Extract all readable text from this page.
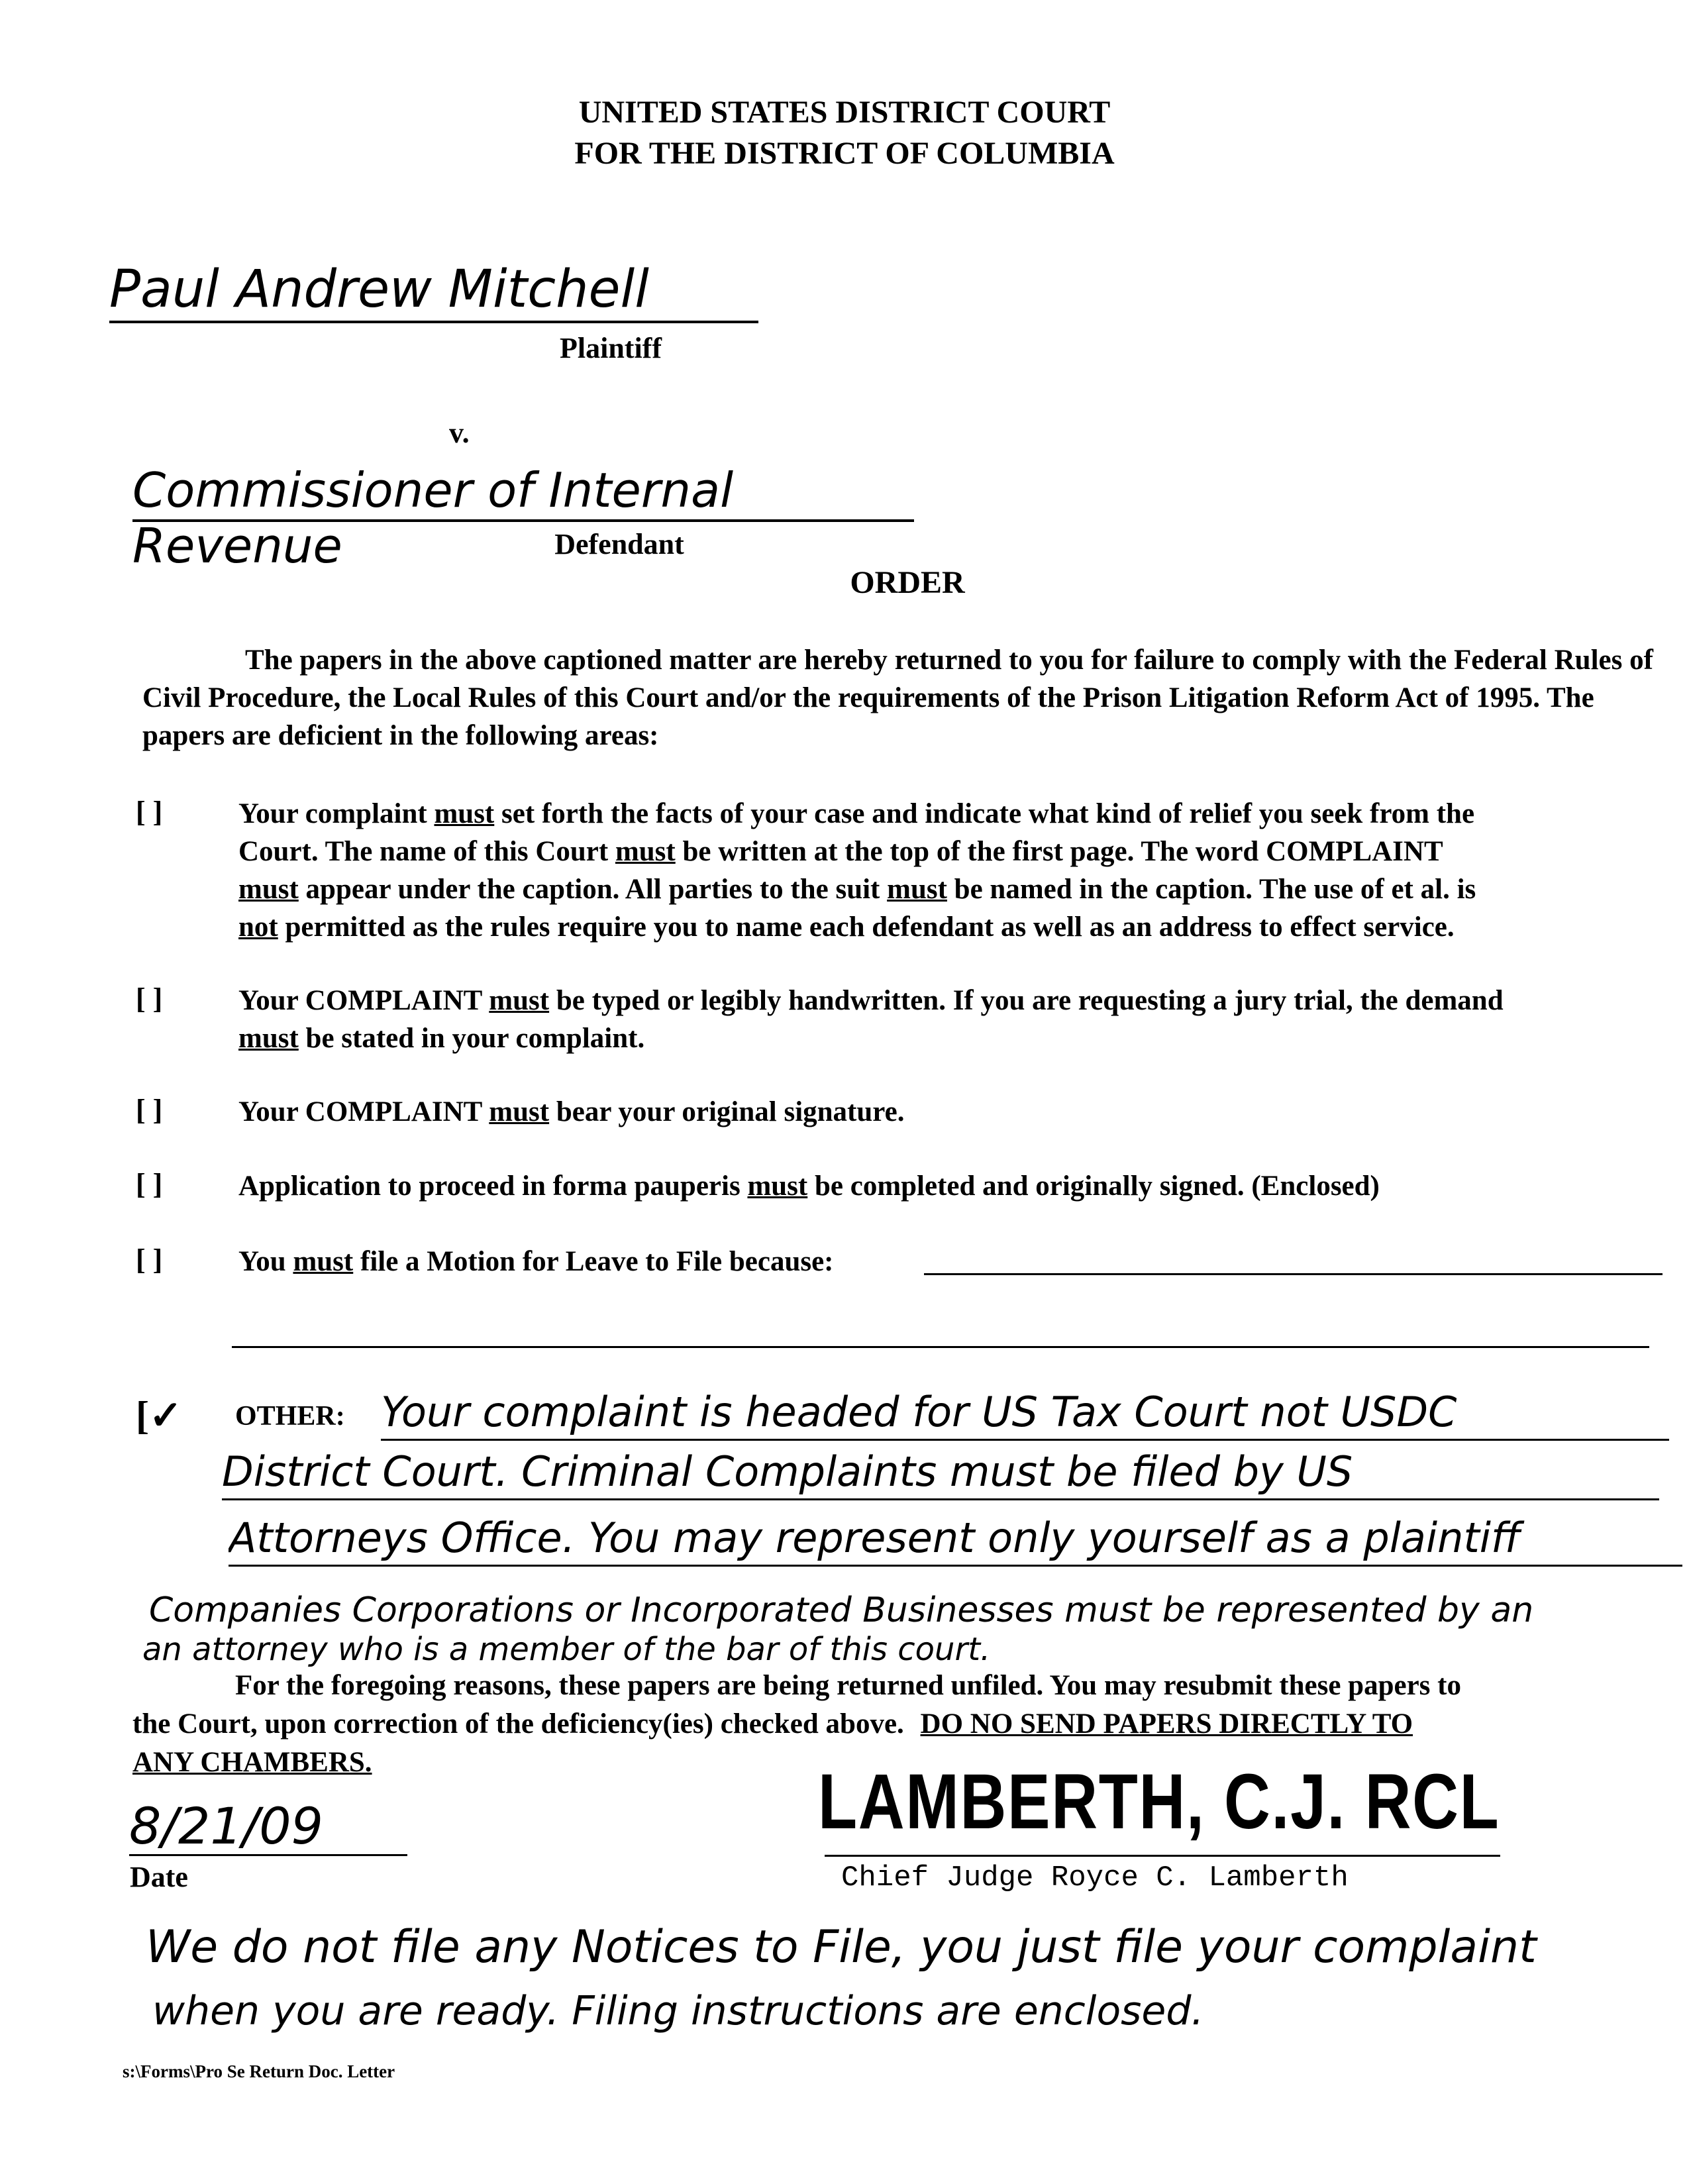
UNITED STATES DISTRICT COURT
FOR THE DISTRICT OF COLUMBIA
Paul Andrew Mitchell
Plaintiff
v.
Commissioner of Internal Revenue	Defendant
ORDER
The papers in the above captioned matter are hereby returned to you for failure to comply with the Federal Rules of Civil Procedure, the Local Rules of this Court and/or the requirements of the Prison Litigation Reform Act of 1995. The papers are deficient in the following areas:
[ ]	Your complaint must set forth the facts of your case and indicate what kind of relief you seek from the
Court. The name of this Court must be written at the top of the first page. The word COMPLAINT
must appear under the caption. All parties to the suit must be named in the caption. The use of et al. is
not permitted as the rules require you to name each defendant as well as an address to effect service.
[ ]	Your COMPLAINT must be typed or legibly handwritten. If you are requesting a jury trial, the demand
must be stated in your complaint.
[ ]	Your COMPLAINT must bear your original signature.
[ ]	Application to proceed in forma pauperis must be completed and originally signed. (Enclosed)
[ ]	You must file a Motion for Leave to File because:
[✓ OTHER: Your complaint is headed for US Tax Court not USDC
District Court. Criminal Complaints must be filed by US
Attorneys Office. You may represent only yourself as a plaintiff
Companies Corporations or Incorporated Businesses must be represented by an
an attorney who is a member of the bar of this court.
For the foregoing reasons, these papers are being returned unfiled. You may resubmit these papers to
the Court, upon correction of the deficiency(ies) checked above. DO NO SEND PAPERS DIRECTLY TO
ANY CHAMBERS.
8/21/09
Date
LAMBERTH, C.J. RCL
Chief Judge Royce C. Lamberth
We do not file any Notices to File, you just file your complaint
when you are ready. Filing instructions are enclosed.
s:\Forms\Pro Se Return Doc. Letter
